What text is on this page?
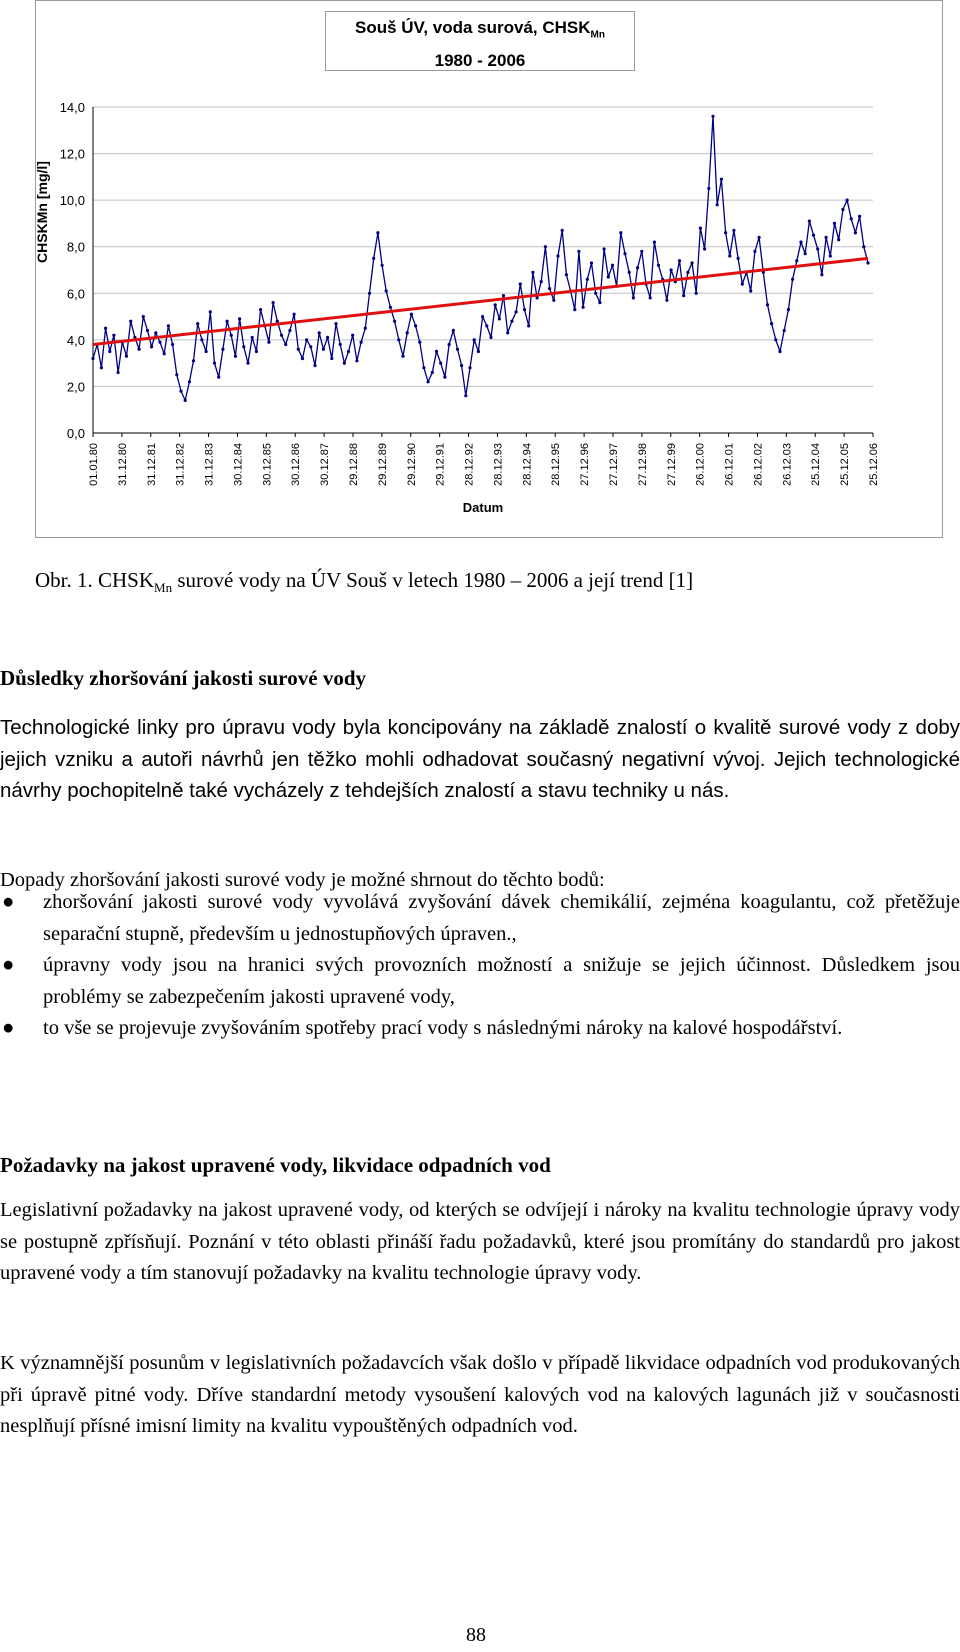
Souš ÚV, voda surová, $CHSK_{Mn}$
1980 - 2006
0,0
2,0
4,0
6,0
8,0
10,0
12,0
14,0
01.01.80 31.12.80 31.12.81 31.12.82 31.12.83 30.12.84 30.12.85 30.12.86 30.12.87 29.12.88 29.12.89 29.12.90 29.12.91 28.12.92 28.12.93 28.12.94 28.12.95 27.12.96 27.12.97 27.12.98 27.12.99 26.12.00 26.12.01 26.12.02 26.12.03 25.12.04 25.12.05 25.12.06
Datum
CHSKMn [mg/l]
Obr. 1. $CHSK_{Mn}$ surové vody na ÚV Souš v letech 1980 – 2006 a její trend [1]
Důsledky zhoršování jakosti surové vody

Technologické linky pro úpravu vody byla koncipovány na základě znalostí o kvalitě surové vody z doby jejich vzniku a autoři návrhů jen těžko mohli odhadovat současný negativní vývoj. Jejich technologické návrhy pochopitelně také vycházely z tehdejších znalostí a stavu techniky u nás.

Dopady zhoršování jakosti surové vody je možné shrnout do těchto bodů:

● zhoršování jakosti surové vody vyvolává zvyšování dávek chemikálií, zejména koagulantu, což přetěžuje separační stupně, především u jednostupňových úpraven.,
● úpravny vody jsou na hranici svých provozních možností a snižuje se jejich účinnost. Důsledkem jsou problémy se zabezpečením jakosti upravené vody,
● to vše se projevuje zvyšováním spotřeby prací vody s následnými nároky na kalové hospodářství.
Požadavky na jakost upravené vody, likvidace odpadních vod

Legislativní požadavky na jakost upravené vody, od kterých se odvíjejí i nároky na kvalitu technologie úpravy vody se postupně zpřísňují. Poznání v této oblasti přináší řadu požadavků, které jsou promítány do standardů pro jakost upravené vody a tím stanovují požadavky na kvalitu technologie úpravy vody.

K významnější posunům v legislativních požadavcích však došlo v případě likvidace odpadních vod produkovaných při úpravě pitné vody. Dříve standardní metody vysoušení kalových vod na kalových lagunách již v současnosti nesplňují přísné imisní limity na kvalitu vypouštěných odpadních vod.

88
